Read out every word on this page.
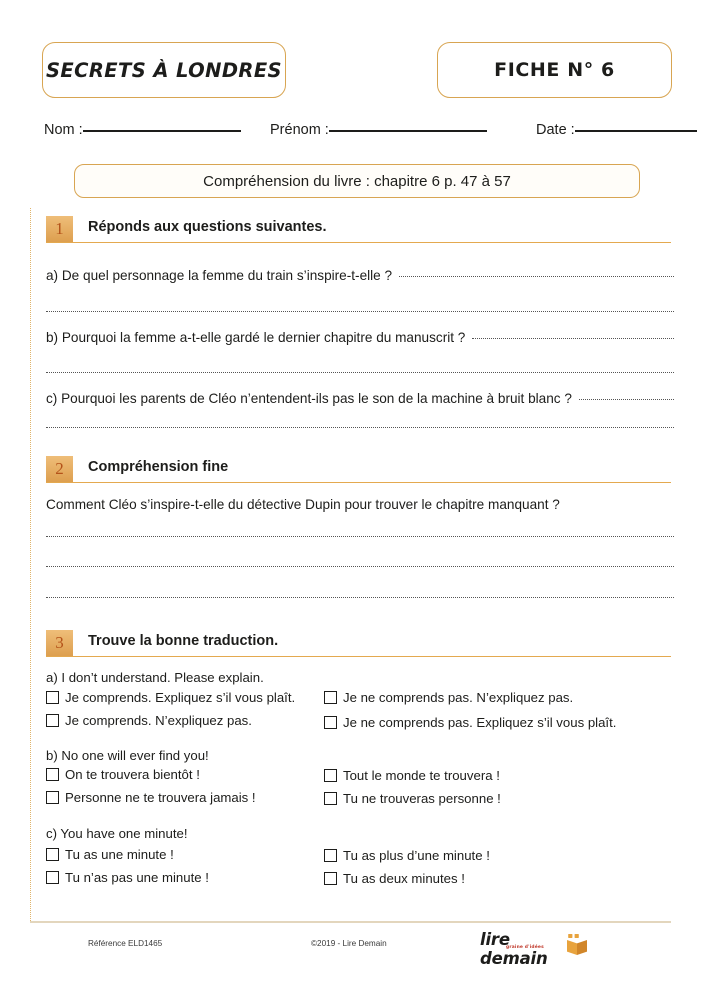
SECRETS À LONDRES	FICHE N° 6
Nom :	Prénom :	Date :
Compréhension du livre : chapitre 6 p. 47 à 57
1	Réponds aux questions suivantes.
a) De quel personnage la femme du train s’inspire-t-elle ?
b) Pourquoi la femme a-t-elle gardé le dernier chapitre du manuscrit ?
c) Pourquoi les parents de Cléo n’entendent-ils pas le son de la machine à bruit blanc ?
2	Compréhension fine
Comment Cléo s’inspire-t-elle du détective Dupin pour trouver le chapitre manquant ?
3	Trouve la bonne traduction.
a) I don’t understand. Please explain.
Je comprends. Expliquez s’il vous plaît.	Je ne comprends pas. N’expliquez pas.
Je comprends. N’expliquez pas.	Je ne comprends pas. Expliquez s’il vous plaît.
b) No one will ever find you!
On te trouvera bientôt !	Tout le monde te trouvera !
Personne ne te trouvera jamais !	Tu ne trouveras personne !
c) You have one minute!
Tu as une minute !	Tu as plus d’une minute !
Tu n’as pas une minute !	Tu as deux minutes !
Référence ELD1465	©2019 - Lire Demain	lire demain
graine d'idées
